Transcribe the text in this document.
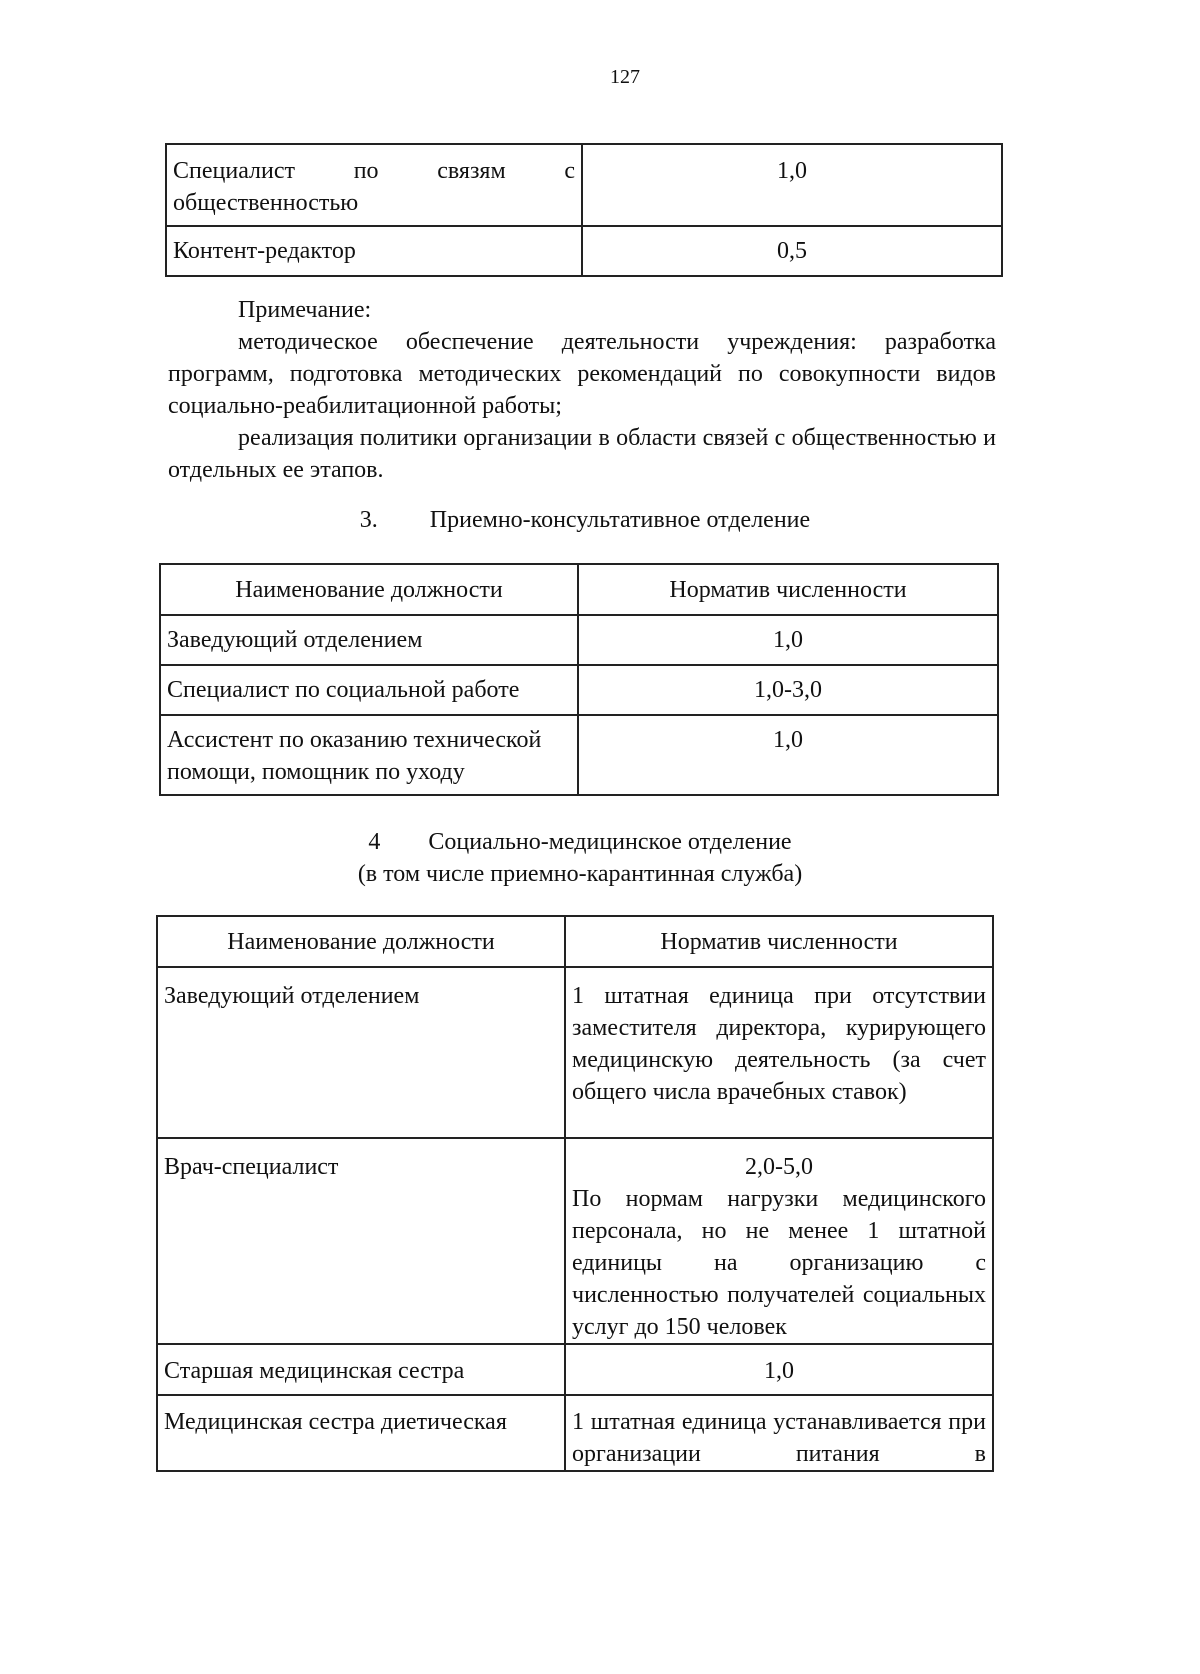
127
Специалист по связям с общественностью	1,0
Контент-редактор	0,5

Примечание:

методическое обеспечение деятельности учреждения: разработка программ, подготовка методических рекомендаций по совокупности видов социально-реабилитационной работы;

реализация политики организации в области связей с общественностью и отдельных ее этапов.

3. Приемно-консультативное отделение
Наименование должности	Норматив численности
Заведующий отделением	1,0
Специалист по социальной работе	1,0-3,0
Ассистент по оказанию технической помощи, помощник по уходу	1,0
4 Социально-медицинское отделение
(в том числе приемно-карантинная служба)
Наименование должности	Норматив численности
Заведующий отделением	1 штатная единица при отсутствии заместителя директора, курирующего медицинскую деятельность (за счет общего числа врачебных ставок)
Врач-специалист	2,0-5,0
По нормам нагрузки медицинского персонала, но не менее 1 штатной единицы на организацию с численностью получателей социальных услуг до 150 человек

Старшая медицинская сестра	1,0
Медицинская сестра диетическая	1 штатная единица устанавливается при организации питания в
